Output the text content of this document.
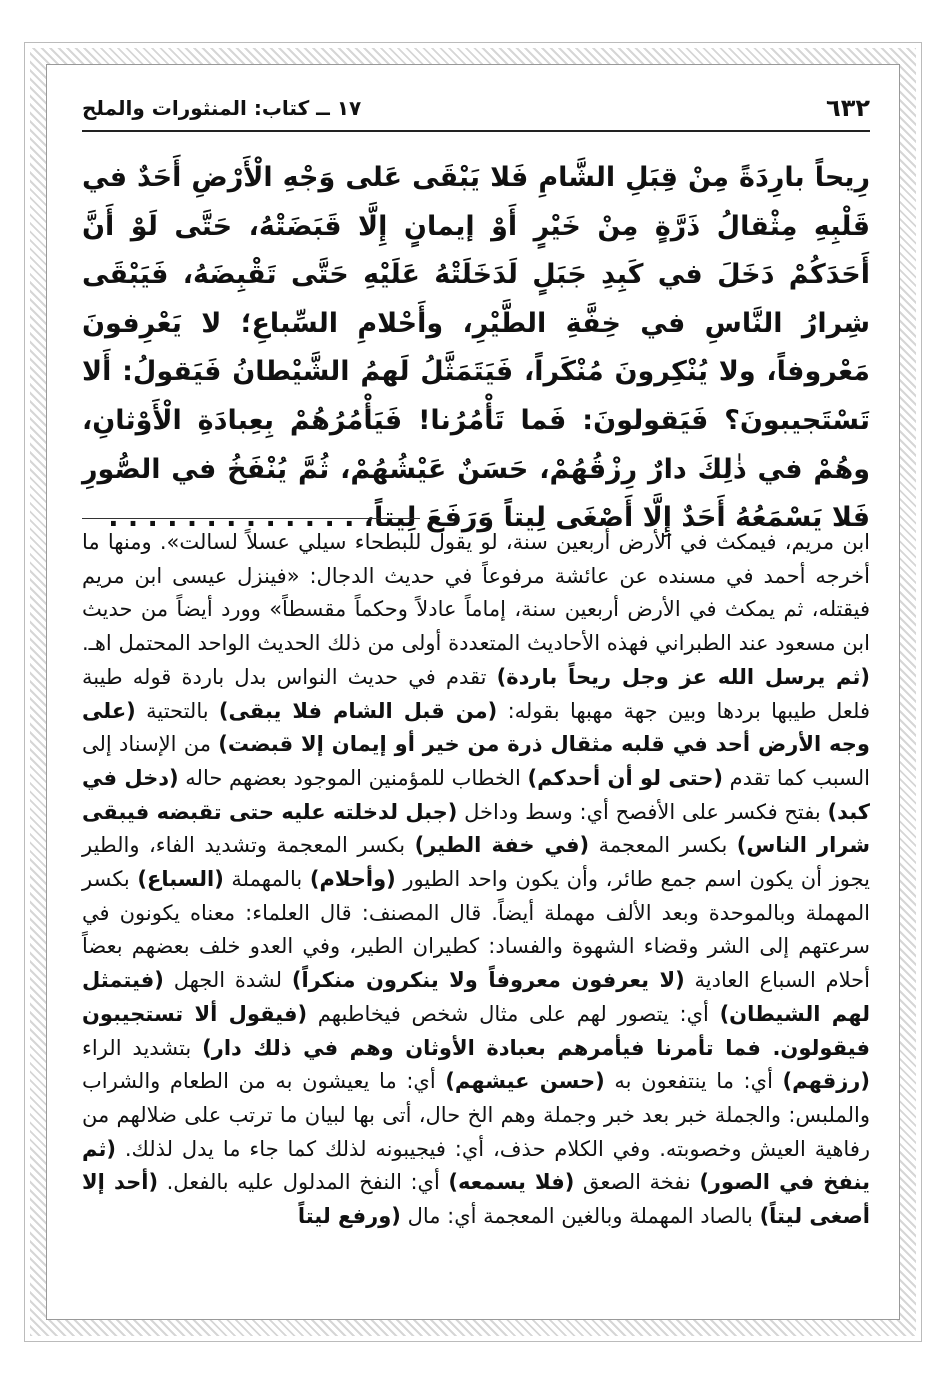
٦٣٢
١٧ ــ كتاب: المنثورات والملح
رِيحاً بارِدَةً مِنْ قِبَلِ الشَّامِ فَلا يَبْقَى عَلى وَجْهِ الْأَرْضِ أَحَدٌ في قَلْبِهِ مِثْقالُ ذَرَّةٍ مِنْ خَيْرٍ أَوْ إيمانٍ إِلَّا قَبَضَتْهُ، حَتَّى لَوْ أَنَّ أَحَدَكُمْ دَخَلَ في كَبِدِ جَبَلٍ لَدَخَلَتْهُ عَلَيْهِ حَتَّى تَقْبِضَهُ، فَيَبْقَى شِرارُ النَّاسِ في خِفَّةِ الطَّيْرِ، وأَحْلامِ السِّباعِ؛ لا يَعْرِفونَ مَعْروفاً، ولا يُنْكِرونَ مُنْكَراً، فَيَتَمَثَّلُ لَهمُ الشَّيْطانُ فَيَقولُ: أَلا تَسْتَجيبونَ؟ فَيَقولونَ: فَما تَأْمُرُنا! فَيَأْمُرُهُمْ بِعِبادَةِ الْأَوْثانِ، وهُمْ في ذٰلِكَ دارٌ رِزْقُهُمْ، حَسَنٌ عَيْشُهُمْ، ثُمَّ يُنْفَخُ في الصُّورِ فَلا يَسْمَعُهُ أَحَدٌ إِلَّا أَصْغَى لِيتاً وَرَفَعَ لِيتاً، . . . . . . . . . . . . .
ابن مريم، فيمكث في الأرض أربعين سنة، لو يقول للبطحاء سيلي عسلاً لسالت». ومنها ما أخرجه أحمد في مسنده عن عائشة مرفوعاً في حديث الدجال: «فينزل عيسى ابن مريم فيقتله، ثم يمكث في الأرض أربعين سنة، إماماً عادلاً وحكماً مقسطاً» وورد أيضاً من حديث ابن مسعود عند الطبراني فهذه الأحاديث المتعددة أولى من ذلك الحديث الواحد المحتمل اهـ. (ثم يرسل الله عز وجل ريحاً باردة) تقدم في حديث النواس بدل باردة قوله طيبة فلعل طيبها بردها وبين جهة مهبها بقوله: (من قبل الشام فلا يبقى) بالتحتية (على وجه الأرض أحد في قلبه مثقال ذرة من خير أو إيمان إلا قبضت) من الإسناد إلى السبب كما تقدم (حتى لو أن أحدكم) الخطاب للمؤمنين الموجود بعضهم حاله (دخل في كبد) بفتح فكسر على الأفصح أي: وسط وداخل (جبل لدخلته عليه حتى تقبضه فيبقى شرار الناس) بكسر المعجمة (في خفة الطير) بكسر المعجمة وتشديد الفاء، والطير يجوز أن يكون اسم جمع طائر، وأن يكون واحد الطيور (وأحلام) بالمهملة (السباع) بكسر المهملة وبالموحدة وبعد الألف مهملة أيضاً. قال المصنف: قال العلماء: معناه يكونون في سرعتهم إلى الشر وقضاء الشهوة والفساد: كطيران الطير، وفي العدو خلف بعضهم بعضاً أحلام السباع العادية (لا يعرفون معروفاً ولا ينكرون منكراً) لشدة الجهل (فيتمثل لهم الشيطان) أي: يتصور لهم على مثال شخص فيخاطبهم (فيقول ألا تستجيبون فيقولون. فما تأمرنا فيأمرهم بعبادة الأوثان وهم في ذلك دار) بتشديد الراء (رزقهم) أي: ما ينتفعون به (حسن عيشهم) أي: ما يعيشون به من الطعام والشراب والملبس: والجملة خبر بعد خبر وجملة وهم الخ حال، أتى بها لبيان ما ترتب على ضلالهم من رفاهية العيش وخصوبته. وفي الكلام حذف، أي: فيجيبونه لذلك كما جاء ما يدل لذلك. (ثم ينفخ في الصور) نفخة الصعق (فلا يسمعه) أي: النفخ المدلول عليه بالفعل. (أحد إلا أصغى ليتاً) بالصاد المهملة وبالغين المعجمة أي: مال (ورفع ليتاً
